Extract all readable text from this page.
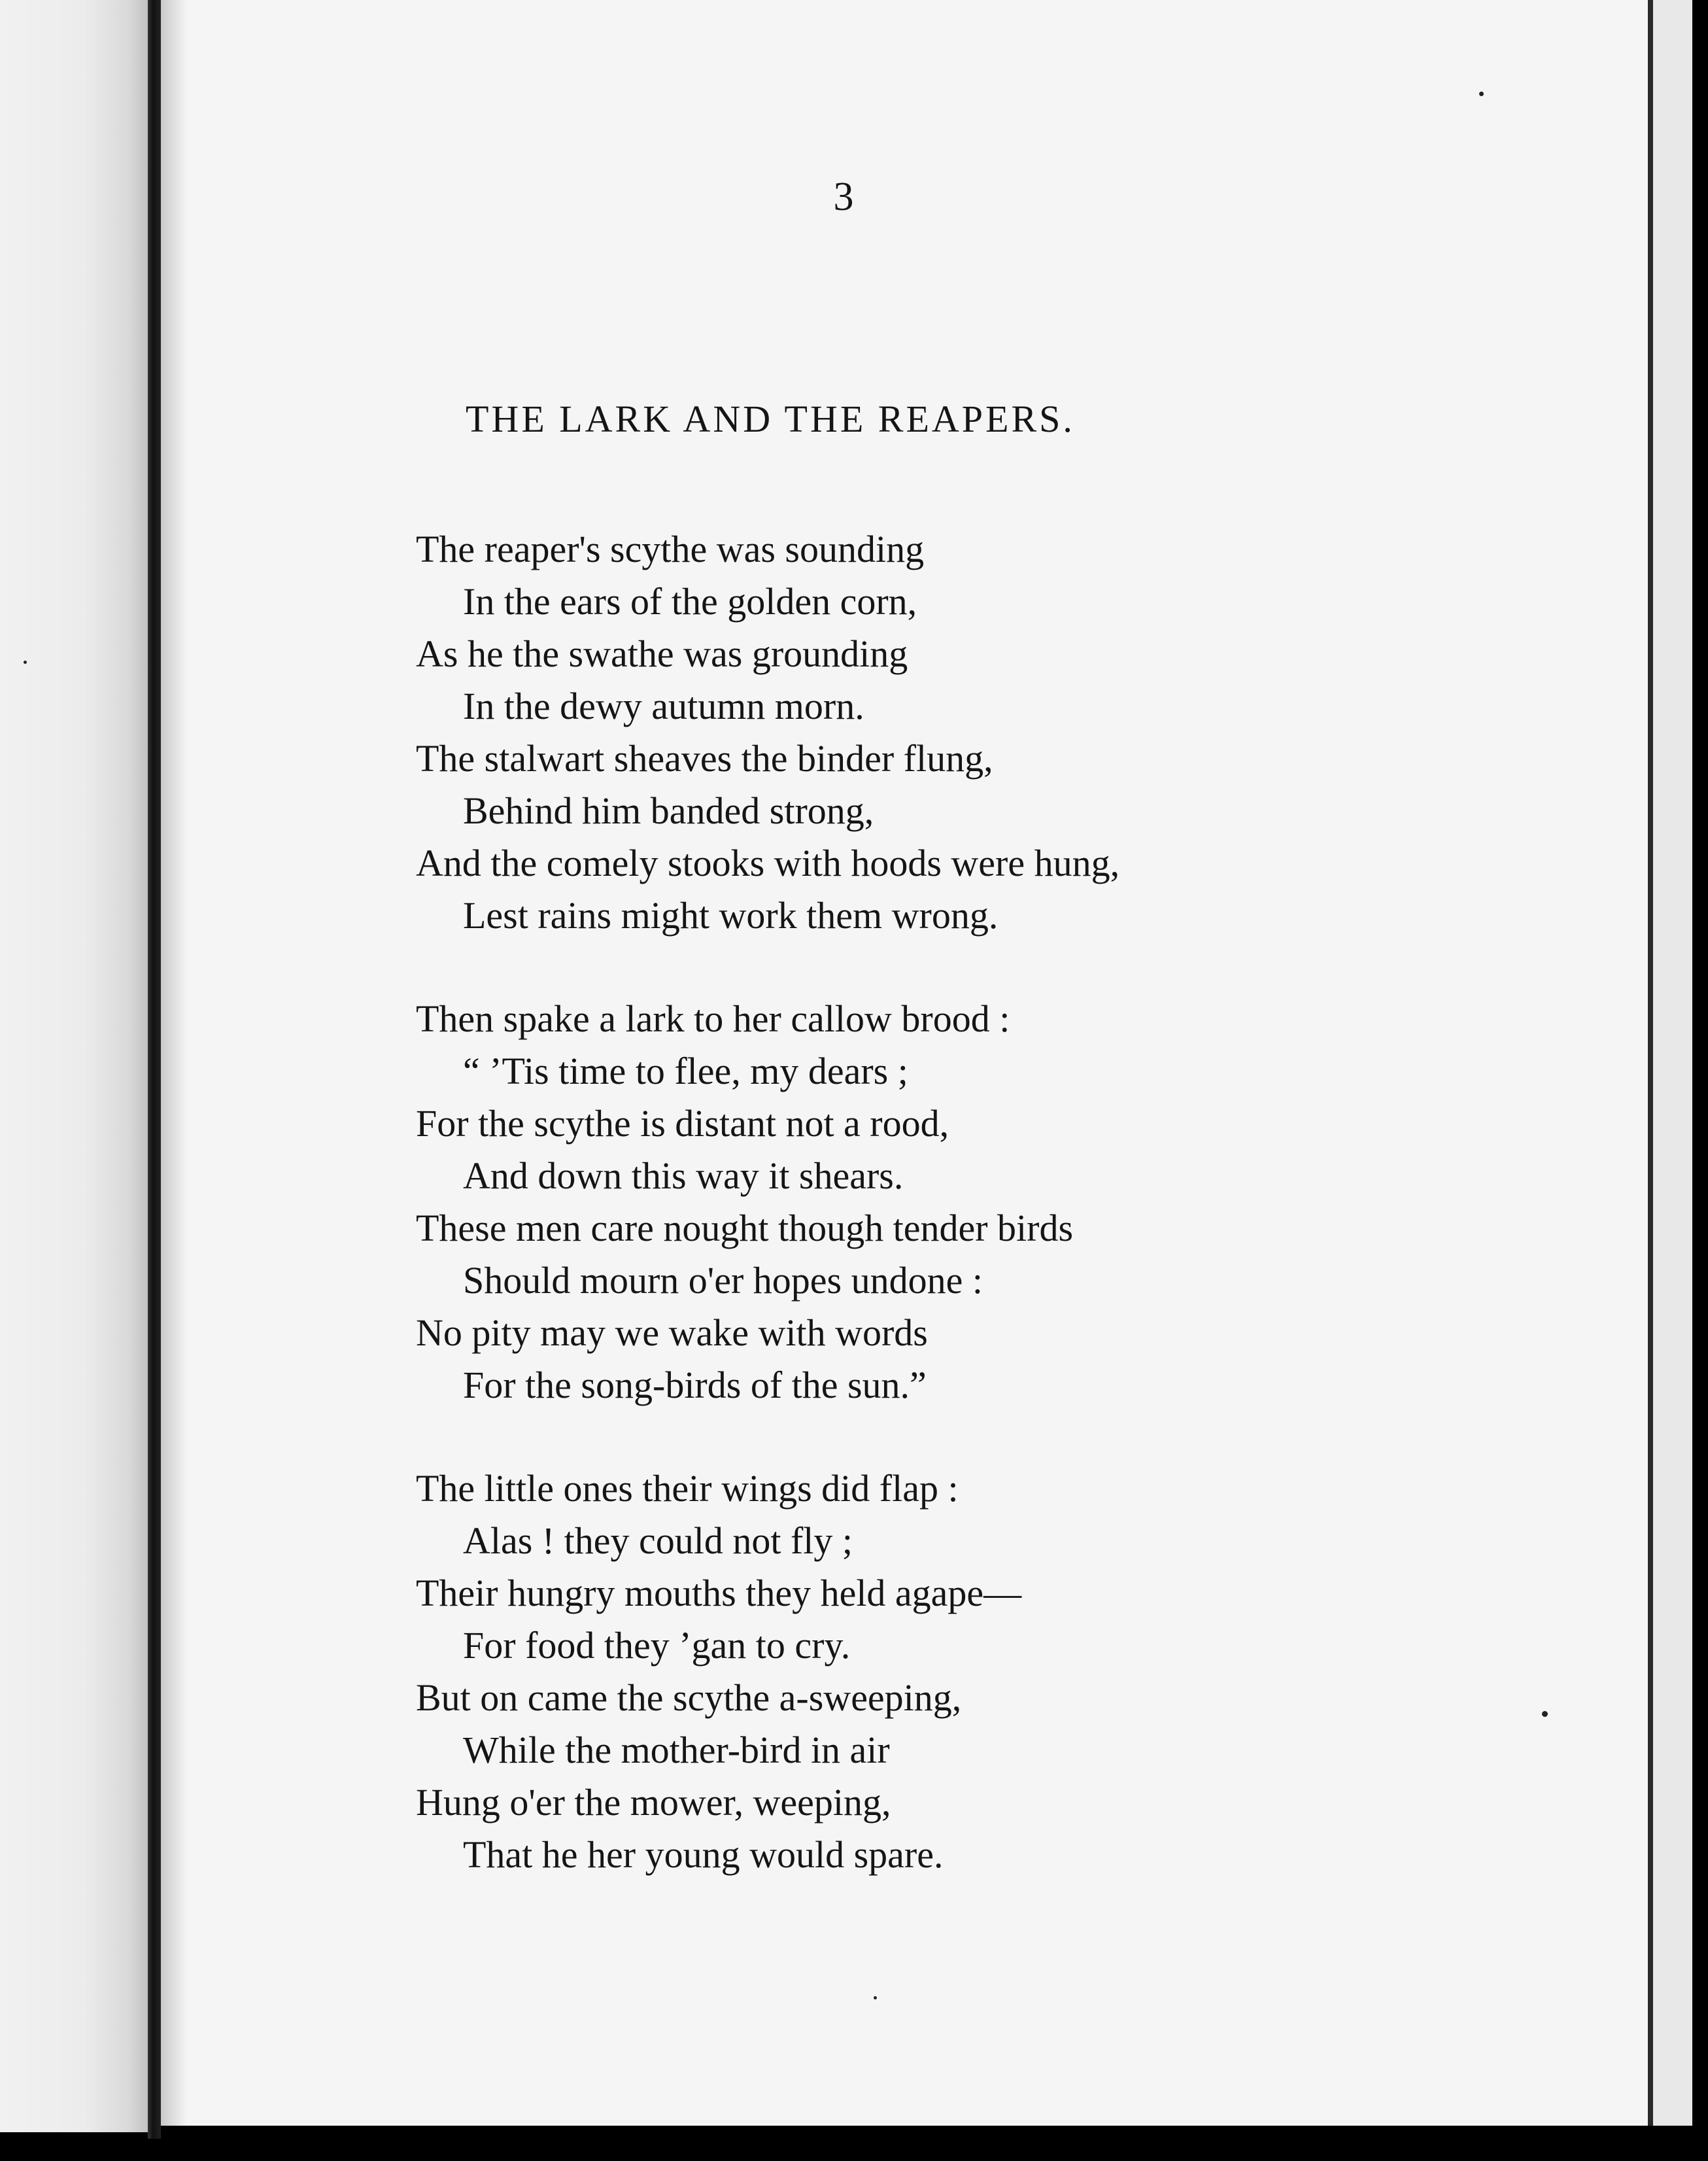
3
THE LARK AND THE REAPERS.
The reaper's scythe was sounding
In the ears of the golden corn,
As he the swathe was grounding
In the dewy autumn morn.
The stalwart sheaves the binder flung,
Behind him banded strong,
And the comely stooks with hoods were hung,
Lest rains might work them wrong.
Then spake a lark to her callow brood :
“ ’Tis time to flee, my dears ;
For the scythe is distant not a rood,
And down this way it shears.
These men care nought though tender birds
Should mourn o'er hopes undone :
No pity may we wake with words
For the song-birds of the sun.”
The little ones their wings did flap :
Alas ! they could not fly ;
Their hungry mouths they held agape—
For food they ’gan to cry.
But on came the scythe a-sweeping,
While the mother-bird in air
Hung o'er the mower, weeping,
That he her young would spare.
